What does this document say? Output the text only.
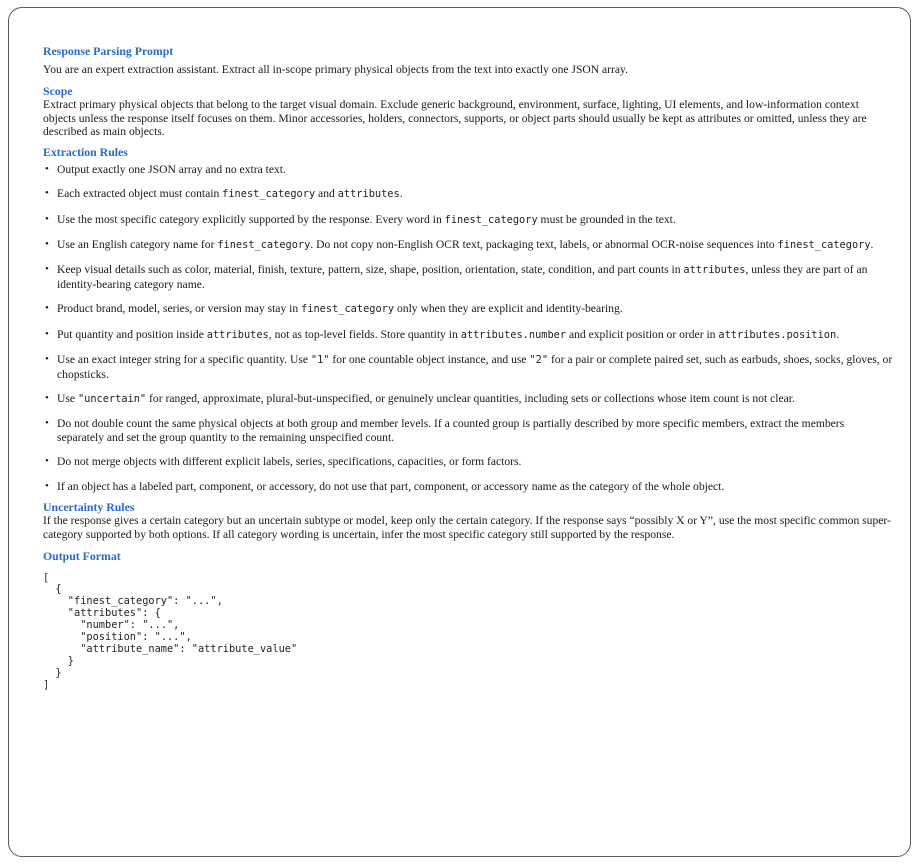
Response Parsing Prompt

You are an expert extraction assistant. Extract all in-scope primary physical objects from the text into exactly one JSON array.

Scope

Extract primary physical objects that belong to the target visual domain. Exclude generic background, environment, surface, lighting, UI elements, and low-information context objects unless the response itself focuses on them. Minor accessories, holders, connectors, supports, or object parts should usually be kept as attributes or omitted, unless they are described as main objects.

Extraction Rules
• Output exactly one JSON array and no extra text.
• Each extracted object must contain finest_category and attributes.
• Use the most specific category explicitly supported by the response. Every word in finest_category must be grounded in the text.
• Use an English category name for finest_category. Do not copy non-English OCR text, packaging text, labels, or abnormal OCR-noise sequences into finest_category.
• Keep visual details such as color, material, finish, texture, pattern, size, shape, position, orientation, state, condition, and part counts in attributes, unless they are part of an identity-bearing category name.
• Product brand, model, series, or version may stay in finest_category only when they are explicit and identity-bearing.
• Put quantity and position inside attributes, not as top-level fields. Store quantity in attributes.number and explicit position or order in attributes.position.
• Use an exact integer string for a specific quantity. Use "1" for one countable object instance, and use "2" for a pair or complete paired set, such as earbuds, shoes, socks, gloves, or chopsticks.
• Use "uncertain" for ranged, approximate, plural-but-unspecified, or genuinely unclear quantities, including sets or collections whose item count is not clear.
• Do not double count the same physical objects at both group and member levels. If a counted group is partially described by more specific members, extract the members separately and set the group quantity to the remaining unspecified count.
• Do not merge objects with different explicit labels, series, specifications, capacities, or form factors.
• If an object has a labeled part, component, or accessory, do not use that part, component, or accessory name as the category of the whole object.
Uncertainty Rules

If the response gives a certain category but an uncertain subtype or model, keep only the certain category. If the response says “possibly X or Y”, use the most specific common super-category supported by both options. If all category wording is uncertain, infer the most specific category still supported by the response.

Output Format
[
{
"finest_category": "...",
"attributes": {
"number": "...",
"position": "...",
"attribute_name": "attribute_value"
}
}
]
